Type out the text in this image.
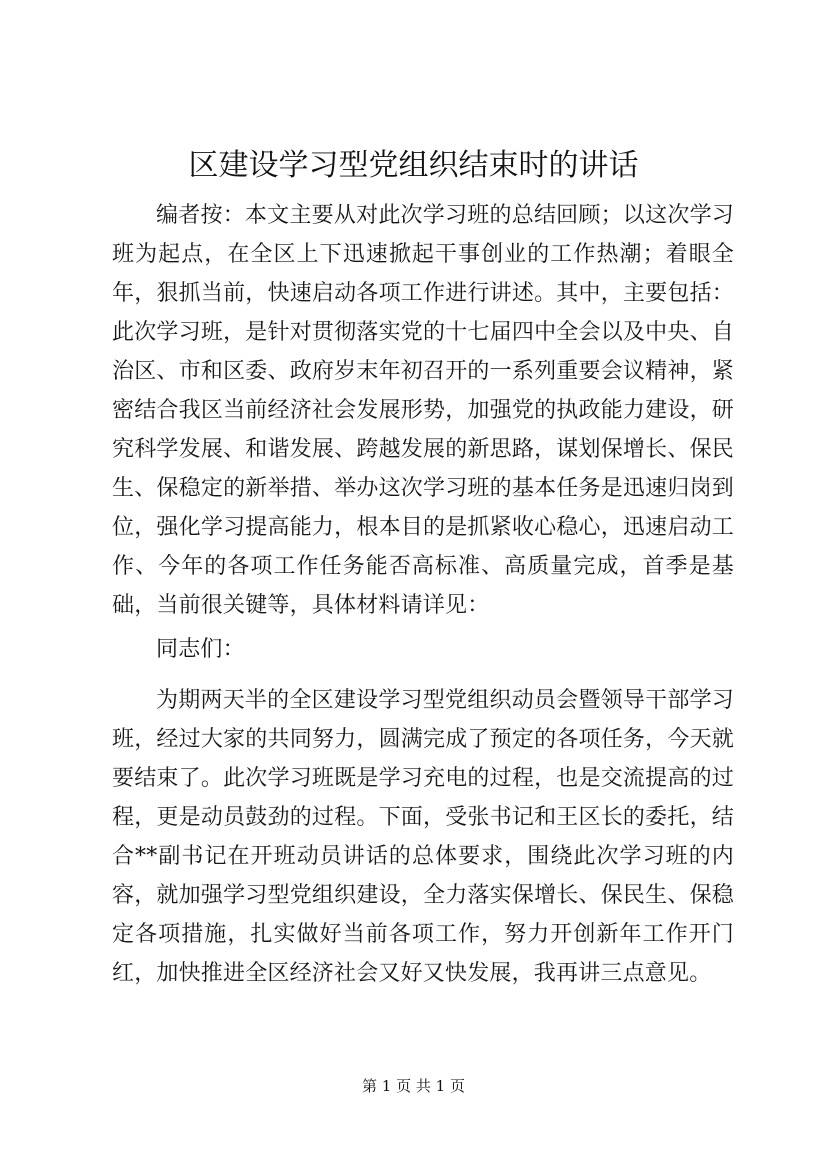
区建设学习型党组织结束时的讲话

编者按：本文主要从对此次学习班的总结回顾；以这次学习班为起点，在全区上下迅速掀起干事创业的工作热潮；着眼全年，狠抓当前，快速启动各项工作进行讲述。其中，主要包括：此次学习班，是针对贯彻落实党的十七届四中全会以及中央、自治区、市和区委、政府岁末年初召开的一系列重要会议精神，紧密结合我区当前经济社会发展形势，加强党的执政能力建设，研究科学发展、和谐发展、跨越发展的新思路，谋划保增长、保民生、保稳定的新举措、举办这次学习班的基本任务是迅速归岗到位，强化学习提高能力，根本目的是抓紧收心稳心，迅速启动工作、今年的各项工作任务能否高标准、高质量完成，首季是基础，当前很关键等，具体材料请详见：

同志们：

为期两天半的全区建设学习型党组织动员会暨领导干部学习班，经过大家的共同努力，圆满完成了预定的各项任务，今天就要结束了。此次学习班既是学习充电的过程，也是交流提高的过程，更是动员鼓劲的过程。下面，受张书记和王区长的委托，结合**副书记在开班动员讲话的总体要求，围绕此次学习班的内容，就加强学习型党组织建设，全力落实保增长、保民生、保稳定各项措施，扎实做好当前各项工作，努力开创新年工作开门红，加快推进全区经济社会又好又快发展，我再讲三点意见。

第 1 页 共 1 页
